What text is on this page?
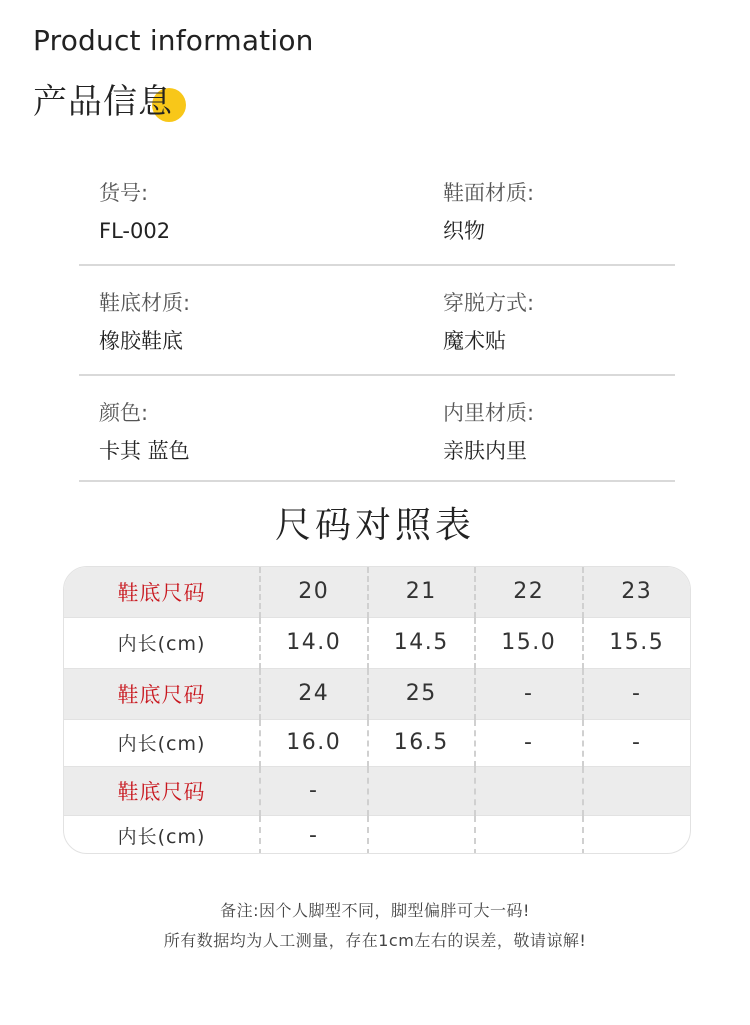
Product information
产品信息
货号:
FL-002
鞋面材质:
织物
鞋底材质:
橡胶鞋底
穿脱方式:
魔术贴
颜色:
卡其 蓝色
内里材质:
亲肤内里
尺码对照表
鞋底尺码	20	21	22	23
内长(cm)	14.0	14.5	15.0	15.5
鞋底尺码	24	25	-	-
内长(cm)	16.0	16.5	-	-
鞋底尺码	-			
内长(cm)	-			
备注:因个人脚型不同，脚型偏胖可大一码!
所有数据均为人工测量，存在1cm左右的误差，敬请谅解!
